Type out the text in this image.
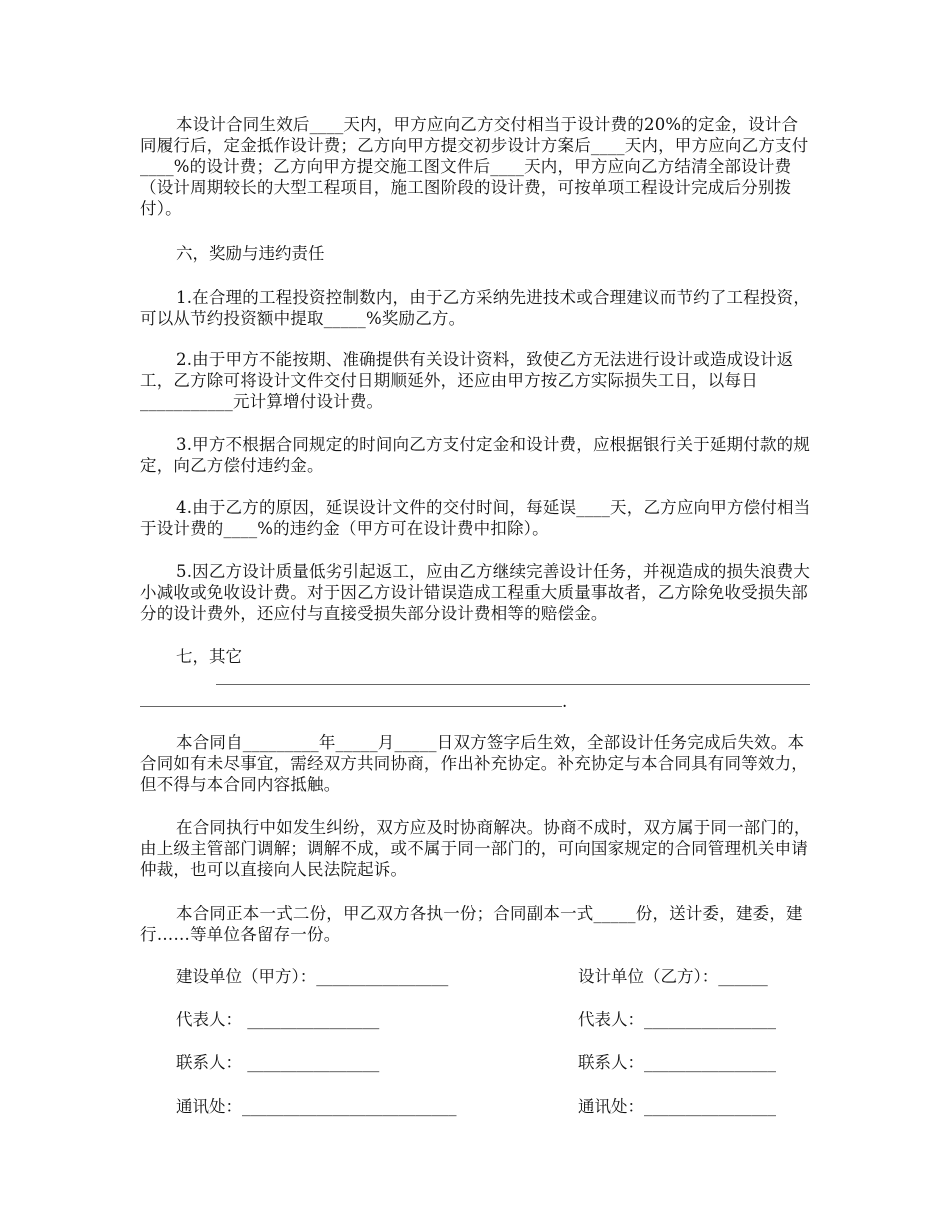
本设计合同生效后____天内，甲方应向乙方交付相当于设计费的20%的定金，设计合同履行后，定金抵作设计费；乙方向甲方提交初步设计方案后____天内，甲方应向乙方支付____%的设计费；乙方向甲方提交施工图文件后____天内，甲方应向乙方结清全部设计费（设计周期较长的大型工程项目，施工图阶段的设计费，可按单项工程设计完成后分别拨付）。

六，奖励与违约责任

1.在合理的工程投资控制数内，由于乙方采纳先进技术或合理建议而节约了工程投资，可以从节约投资额中提取_____%奖励乙方。

2.由于甲方不能按期、准确提供有关设计资料，致使乙方无法进行设计或造成设计返工，乙方除可将设计文件交付日期顺延外，还应由甲方按乙方实际损失工日，以每日___________元计算增付设计费。

3.甲方不根据合同规定的时间向乙方支付定金和设计费，应根据银行关于延期付款的规定，向乙方偿付违约金。

4.由于乙方的原因，延误设计文件的交付时间，每延误____天，乙方应向甲方偿付相当于设计费的____%的违约金（甲方可在设计费中扣除）。

5.因乙方设计质量低劣引起返工，应由乙方继续完善设计任务，并视造成的损失浪费大小减收或免收设计费。对于因乙方设计错误造成工程重大质量事故者，乙方除免收受损失部分的设计费外，还应付与直接受损失部分设计费相等的赔偿金。

七，其它

.

本合同自_________年_____月_____日双方签字后生效，全部设计任务完成后失效。本合同如有未尽事宜，需经双方共同协商，作出补充协定。补充协定与本合同具有同等效力，但不得与本合同内容抵触。

在合同执行中如发生纠纷，双方应及时协商解决。协商不成时，双方属于同一部门的，由上级主管部门调解；调解不成，或不属于同一部门的，可向国家规定的合同管理机关申请仲裁，也可以直接向人民法院起诉。

本合同正本一式二份，甲乙双方各执一份；合同副本一式_____份，送计委，建委，建行……等单位各留存一份。

建设单位（甲方）：________________	设计单位（乙方）：______
代表人： ________________	代表人：________________
联系人： ________________	联系人：________________
通讯处：__________________________	通讯处：________________
